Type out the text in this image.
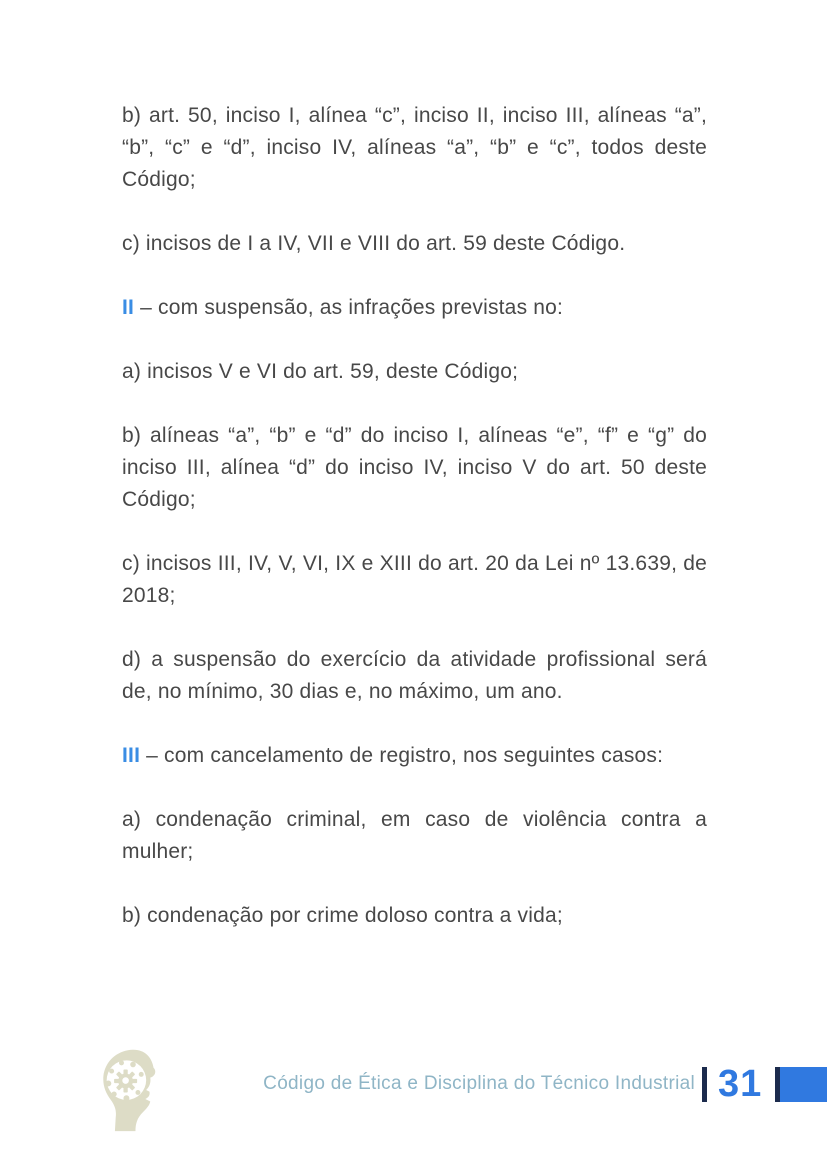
b) art. 50, inciso I, alínea “c”, inciso II, inciso III, alíneas “a”, “b”, “c” e “d”, inciso IV, alíneas “a”, “b” e “c”, todos deste Código;

c) incisos de I a IV, VII e VIII do art. 59 deste Código.

II – com suspensão, as infrações previstas no:

a) incisos V e VI do art. 59, deste Código;

b) alíneas “a”, “b” e “d” do inciso I, alíneas “e”, “f” e “g” do inciso III, alínea “d” do inciso IV, inciso V do art. 50 deste Código;

c) incisos III, IV, V, VI, IX e XIII do art. 20 da Lei nº 13.639, de 2018;

d) a suspensão do exercício da atividade profissional será de, no mínimo, 30 dias e, no máximo, um ano.

III – com cancelamento de registro, nos seguintes casos:

a) condenação criminal, em caso de violência contra a mulher;

b) condenação por crime doloso contra a vida;

Código de Ética e Disciplina do Técnico Industrial 31
